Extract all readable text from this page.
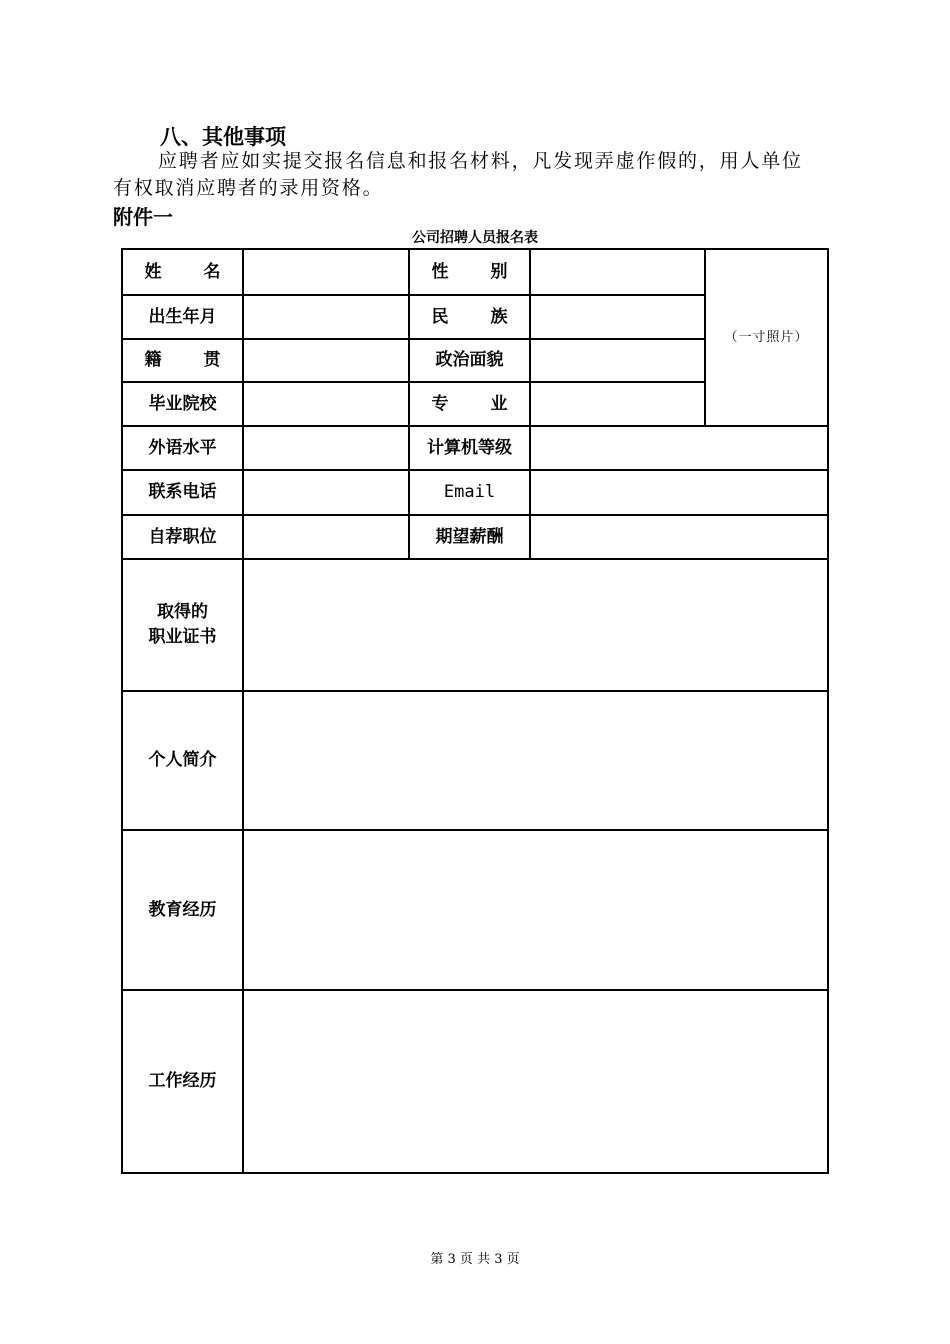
八、其他事项
应聘者应如实提交报名信息和报名材料，凡发现弄虚作假的，用人单位
有权取消应聘者的录用资格。
附件一
公司招聘人员报名表
姓 名	性 别
出生年月	民 族
籍 贯	政治面貌
毕业院校	专 业
（一寸照片）
外语水平	计算机等级
联系电话	Email
自荐职位	期望薪酬
取得的
职业证书
个人简介
教育经历
工作经历
第 3 页 共 3 页
